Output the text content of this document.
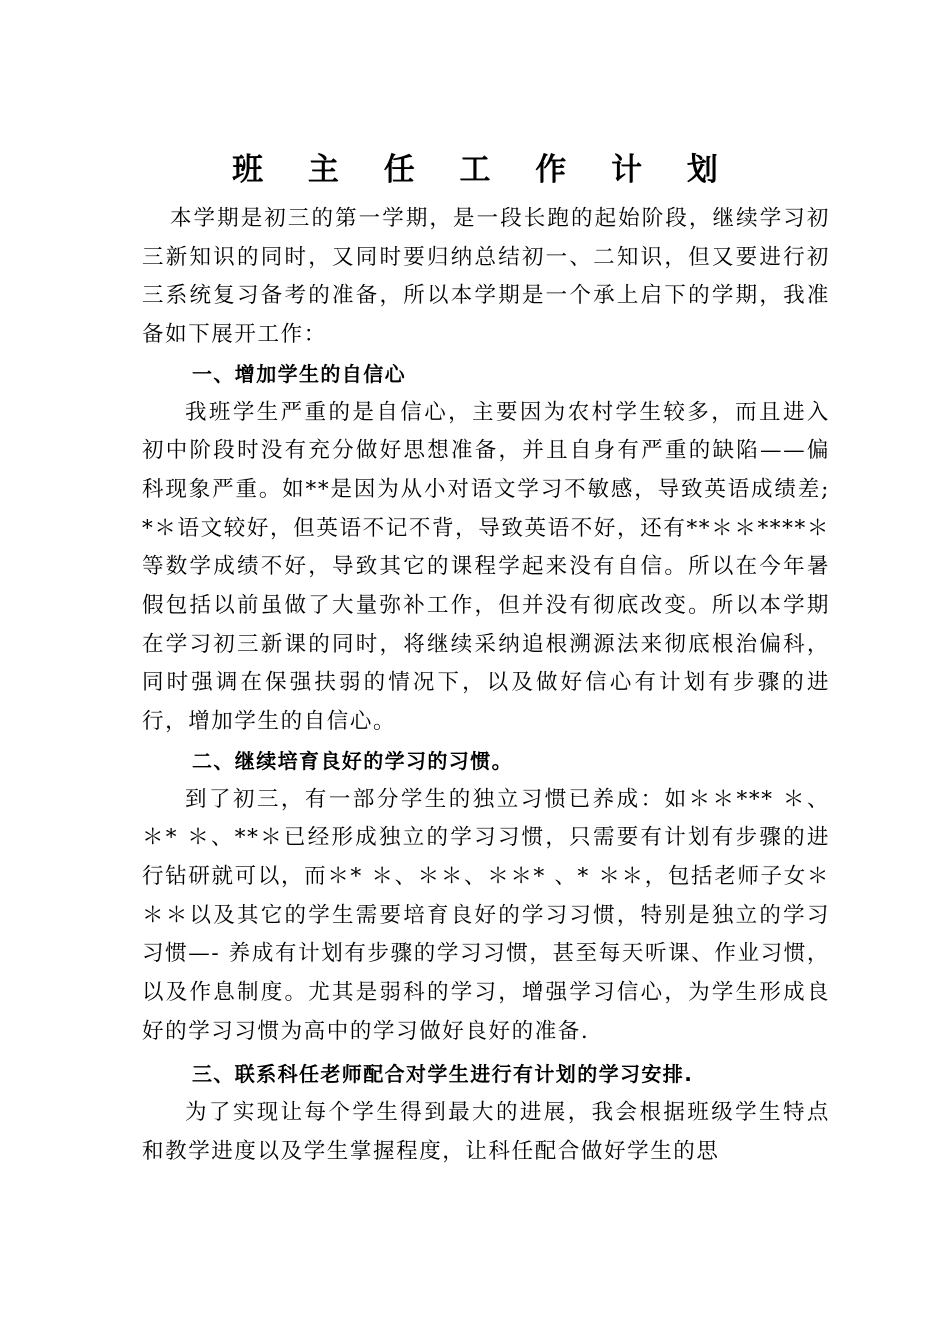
班 主 任 工 作 计 划

本学期是初三的第一学期，是一段长跑的起始阶段，继续学习初三新知识的同时，又同时要归纳总结初一、二知识，但又要进行初三系统复习备考的准备，所以本学期是一个承上启下的学期，我准备如下展开工作：

一、增加学生的自信心

我班学生严重的是自信心，主要因为农村学生较多，而且进入初中阶段时没有充分做好思想准备，并且自身有严重的缺陷——偏科现象严重。如**是因为从小对语文学习不敏感，导致英语成绩差;*＊语文较好，但英语不记不背，导致英语不好，还有**＊＊****＊等数学成绩不好，导致其它的课程学起来没有自信。所以在今年暑假包括以前虽做了大量弥补工作，但并没有彻底改变。所以本学期在学习初三新课的同时，将继续采纳追根溯源法来彻底根治偏科，同时强调在保强扶弱的情况下，以及做好信心有计划有步骤的进行，增加学生的自信心。

二、继续培育良好的学习的习惯。

到了初三，有一部分学生的独立习惯已养成：如＊＊*** ＊、＊* ＊、**＊已经形成独立的学习习惯，只需要有计划有步骤的进行钻研就可以，而＊* ＊、＊＊、＊＊* 、* ＊＊，包括老师子女＊＊＊以及其它的学生需要培育良好的学习习惯，特别是独立的学习习惯—- 养成有计划有步骤的学习习惯，甚至每天听课、作业习惯，以及作息制度。尤其是弱科的学习，增强学习信心，为学生形成良好的学习习惯为高中的学习做好良好的准备.

三、联系科任老师配合对学生进行有计划的学习安排.

为了实现让每个学生得到最大的进展，我会根据班级学生特点和教学进度以及学生掌握程度，让科任配合做好学生的思
